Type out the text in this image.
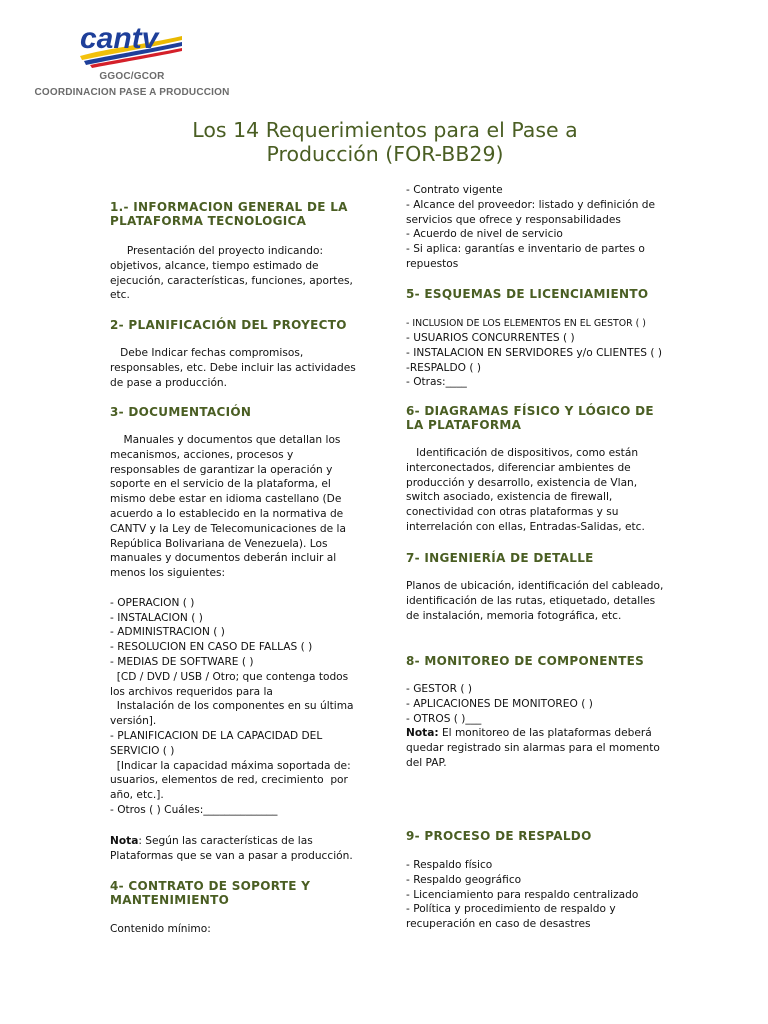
cantv
GGOC/GCOR
COORDINACION PASE A PRODUCCION
Los 14 Requerimientos para el Pase a
Producción (FOR-BB29)
1.- INFORMACION GENERAL DE LA PLATAFORMA TECNOLOGICA
Presentación del proyecto indicando: objetivos, alcance, tiempo estimado de ejecución, características, funciones, aportes, etc.
2- PLANIFICACIÓN DEL PROYECTO
Debe Indicar fechas compromisos, responsables, etc. Debe incluir las actividades de pase a producción.
3- DOCUMENTACIÓN
Manuales y documentos que detallan los mecanismos, acciones, procesos y responsables de garantizar la operación y soporte en el servicio de la plataforma, el mismo debe estar en idioma castellano (De acuerdo a lo establecido en la normativa de CANTV y la Ley de Telecomunicaciones de la República Bolivariana de Venezuela). Los manuales y documentos deberán incluir al menos los siguientes:

- OPERACION ( )
- INSTALACION ( )
- ADMINISTRACION ( )
- RESOLUCION EN CASO DE FALLAS ( )
- MEDIAS DE SOFTWARE ( )
[CD / DVD / USB / Otro; que contenga todos los archivos requeridos para la
Instalación de los componentes en su última versión].
- PLANIFICACION DE LA CAPACIDAD DEL SERVICIO ( )
[Indicar la capacidad máxima soportada de: usuarios, elementos de red, crecimiento  por año, etc.].
- Otros ( ) Cuáles:______________
Nota: Según las características de las Plataformas que se van a pasar a producción.
4- CONTRATO DE SOPORTE Y MANTENIMIENTO
Contenido mínimo:
- Contrato vigente
- Alcance del proveedor: listado y definición de servicios que ofrece y responsabilidades
- Acuerdo de nivel de servicio
- Si aplica: garantías e inventario de partes o repuestos
5- ESQUEMAS DE LICENCIAMIENTO
- INCLUSION DE LOS ELEMENTOS EN EL GESTOR ( )
- USUARIOS CONCURRENTES ( )
- INSTALACION EN SERVIDORES y/o CLIENTES ( )
-RESPALDO ( )
- Otras:____
6- DIAGRAMAS FÍSICO Y LÓGICO DE LA PLATAFORMA
Identificación de dispositivos, como están interconectados, diferenciar ambientes de producción y desarrollo, existencia de Vlan, switch asociado, existencia de firewall, conectividad con otras plataformas y su interrelación con ellas, Entradas-Salidas, etc.
7- INGENIERÍA DE DETALLE
Planos de ubicación, identificación del cableado, identificación de las rutas, etiquetado, detalles de instalación, memoria fotográfica, etc.
8- MONITOREO DE COMPONENTES
- GESTOR ( )
- APLICACIONES DE MONITOREO ( )
- OTROS ( )___
Nota: El monitoreo de las plataformas deberá quedar registrado sin alarmas para el momento del PAP.
9- PROCESO DE RESPALDO
- Respaldo físico
- Respaldo geográfico
- Licenciamiento para respaldo centralizado
- Política y procedimiento de respaldo y recuperación en caso de desastres
